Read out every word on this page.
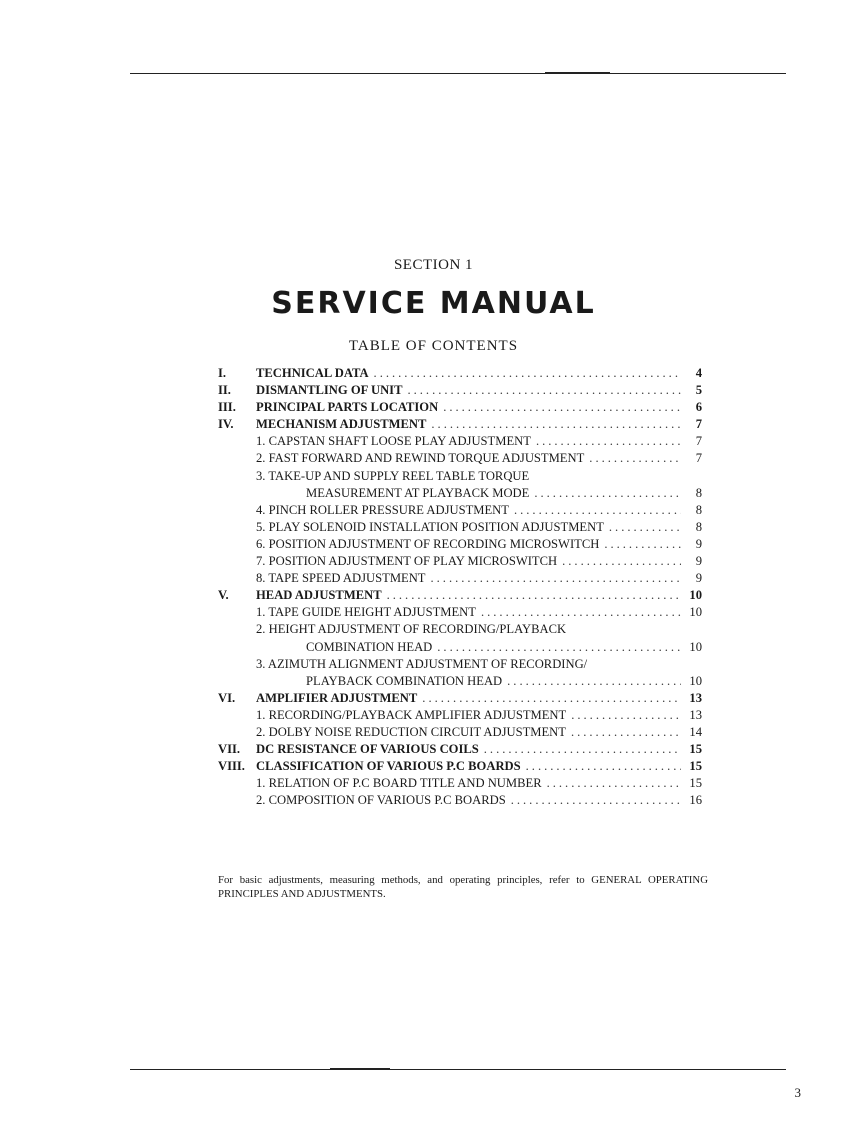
SECTION 1
SERVICE MANUAL
TABLE OF CONTENTS
I.	TECHNICAL DATA .....	4
II.	DISMANTLING OF UNIT .....	5
III.	PRINCIPAL PARTS LOCATION .....	6
IV.	MECHANISM ADJUSTMENT .....	7
1. CAPSTAN SHAFT LOOSE PLAY ADJUSTMENT .....	7
2. FAST FORWARD AND REWIND TORQUE ADJUSTMENT .....	7
3. TAKE-UP AND SUPPLY REEL TABLE TORQUE
MEASUREMENT AT PLAYBACK MODE .....	8
4. PINCH ROLLER PRESSURE ADJUSTMENT .....	8
5. PLAY SOLENOID INSTALLATION POSITION ADJUSTMENT .....	8
6. POSITION ADJUSTMENT OF RECORDING MICROSWITCH .....	9
7. POSITION ADJUSTMENT OF PLAY MICROSWITCH .....	9
8. TAPE SPEED ADJUSTMENT .....	9
V.	HEAD ADJUSTMENT .....	10
1. TAPE GUIDE HEIGHT ADJUSTMENT .....	10
2. HEIGHT ADJUSTMENT OF RECORDING/PLAYBACK
COMBINATION HEAD .....	10
3. AZIMUTH ALIGNMENT ADJUSTMENT OF RECORDING/
PLAYBACK COMBINATION HEAD .....	10
VI.	AMPLIFIER ADJUSTMENT .....	13
1. RECORDING/PLAYBACK AMPLIFIER ADJUSTMENT .....	13
2. DOLBY NOISE REDUCTION CIRCUIT ADJUSTMENT .....	14
VII.	DC RESISTANCE OF VARIOUS COILS .....	15
VIII. CLASSIFICATION OF VARIOUS P.C BOARDS .....	15
1. RELATION OF P.C BOARD TITLE AND NUMBER .....	15
2. COMPOSITION OF VARIOUS P.C BOARDS .....	16
For basic adjustments, measuring methods, and operating principles, refer to GENERAL OPERATING PRINCIPLES AND ADJUSTMENTS.
3
